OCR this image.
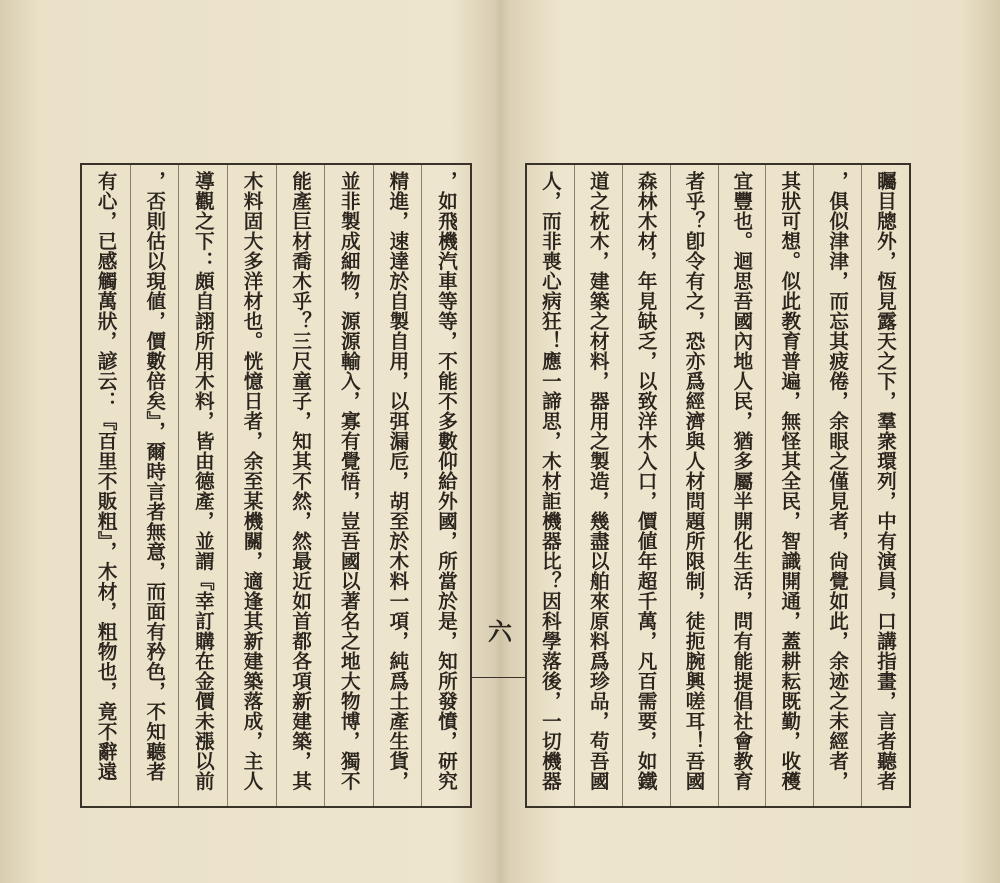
矚目牕外，恆見露天之下，羣衆環列，中有演員，口講指畫，言者聽者
，俱似津津，而忘其疲倦，余眼之僅見者，尙覺如此，余迹之未經者，
其狀可想。似此教育普遍，無怪其全民，智識開通，蓋耕耘既勤，收穫
宜豐也。迴思吾國內地人民，猶多屬半開化生活，問有能提倡社會教育
者乎？卽令有之，恐亦爲經濟與人材問題所限制，徒扼腕興嗟耳！吾國
森林木材，年見缺乏，以致洋木入口，價値年超千萬，凡百需要，如鐵
道之枕木，建築之材料，器用之製造，幾盡以舶來原料爲珍品，苟吾國
人，而非喪心病狂！應一諦思，木材詎機器比？因科學落後，一切機器
，如飛機汽車等等，不能不多數仰給外國，所當於是，知所發憤，研究
精進，速達於自製自用，以弭漏卮，胡至於木料一項，純爲土產生貨，
並非製成細物，源源輸入，寡有覺悟，豈吾國以著名之地大物博，獨不
能產巨材喬木乎？三尺童子，知其不然，然最近如首都各項新建築，其
木料固大多洋材也。恍憶日者，余至某機關，適逢其新建築落成，主人
導觀之下：頗自詡所用木料，皆由德產，並謂『幸訂購在金價未漲以前
，否則估以現値，價數倍矣』，爾時言者無意，而面有矜色，不知聽者
有心，已感觸萬狀，諺云：『百里不販粗』，木材，粗物也，竟不辭遠	六
